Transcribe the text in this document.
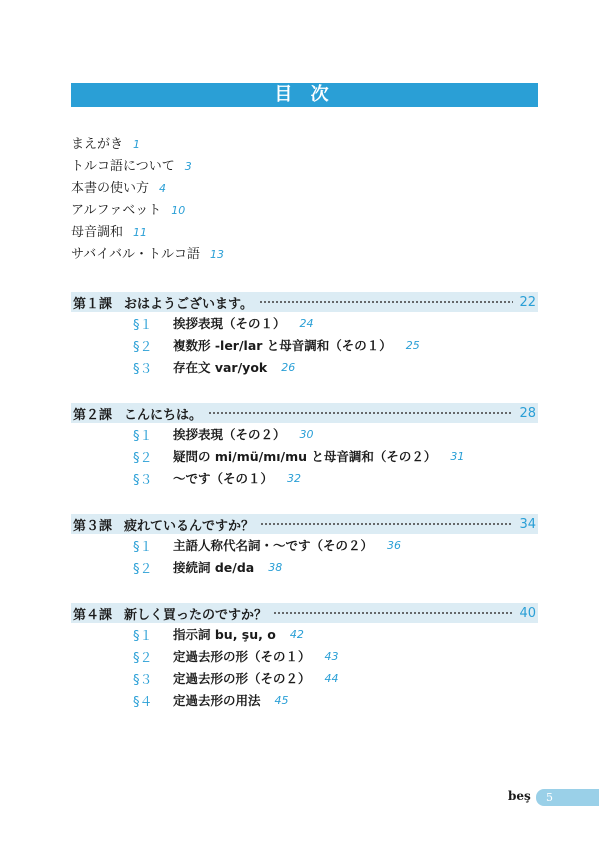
目 次
まえがき 1
トルコ語について 3
本書の使い方 4
アルファベット 10
母音調和 11
サバイバル・トルコ語 13
第１課 おはようございます。	22
§１	挨拶表現（その１） 24
§２	複数形 -ler/lar と母音調和（その１） 25
§３	存在文 var/yok 26
第２課 こんにちは。	28
§１	挨拶表現（その２） 30
§２	疑問の mi/mü/mı/mu と母音調和（その２） 31
§３	〜です（その１） 32
第３課 疲れているんですか？	34
§１	主語人称代名詞・〜です（その２） 36
§２	接続詞 de/da 38
第４課 新しく買ったのですか？	40
§１	指示詞 bu, şu, o 42
§２	定過去形の形（その１） 43
§３	定過去形の形（その２） 44
§４	定過去形の用法 45
beş 5
